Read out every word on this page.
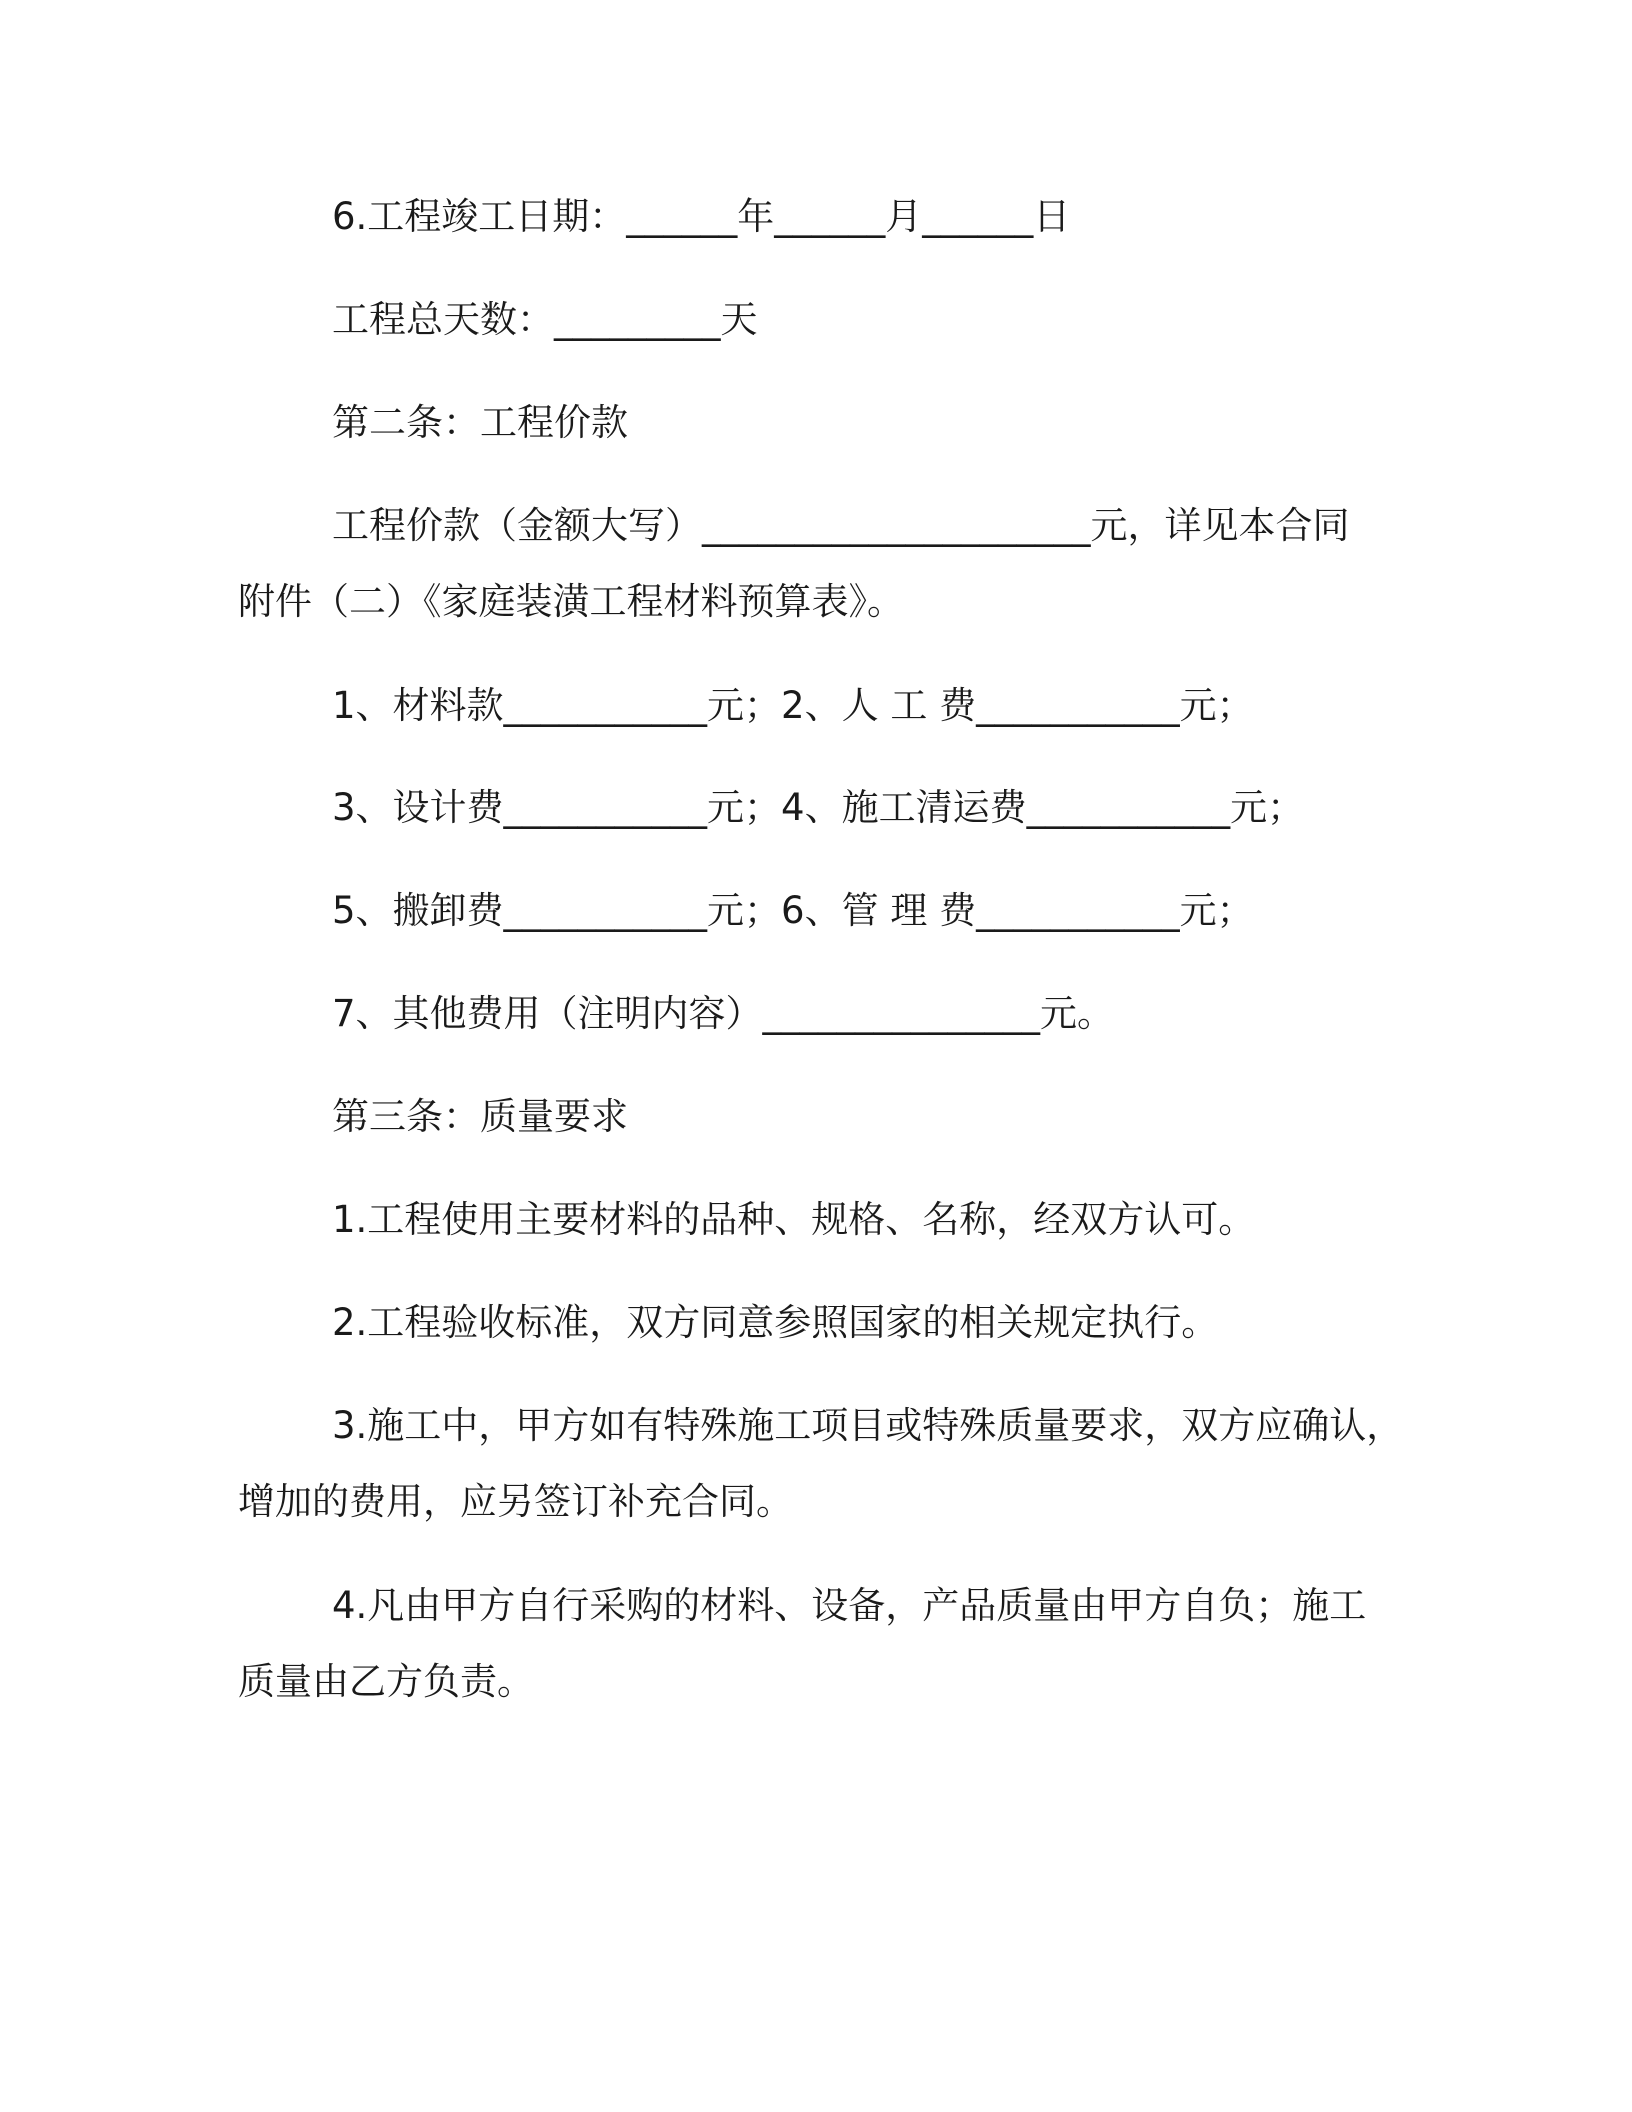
6.工程竣工日期：______年______月______日
工程总天数：_________天
第二条：工程价款
工程价款（金额大写）_____________________元，详见本合同
附件（二）《家庭装潢工程材料预算表》。
1、材料款___________元；2、人 工 费___________元；
3、设计费___________元；4、施工清运费___________元；
5、搬卸费___________元；6、管 理 费___________元；
7、其他费用（注明内容）_______________元。
第三条：质量要求
1.工程使用主要材料的品种、规格、名称，经双方认可。
2.工程验收标准，双方同意参照国家的相关规定执行。
3.施工中，甲方如有特殊施工项目或特殊质量要求，双方应确认，
增加的费用，应另签订补充合同。
4.凡由甲方自行采购的材料、设备，产品质量由甲方自负；施工
质量由乙方负责。
